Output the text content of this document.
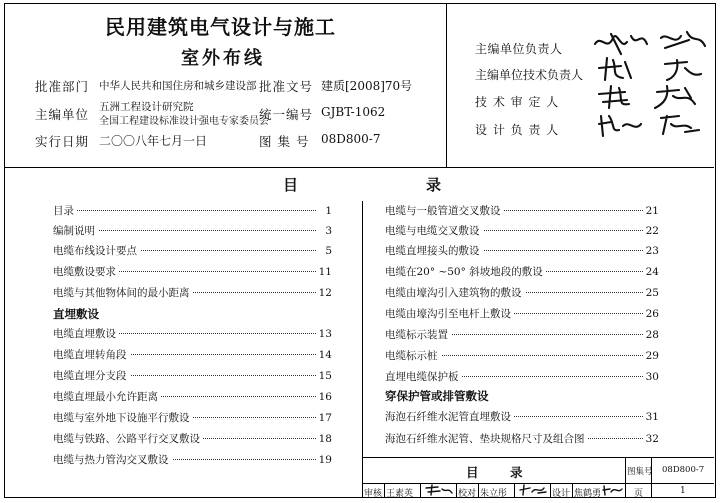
民用建筑电气设计与施工
室外布线
批准部门 中华人民共和国住房和城乡建设部 批准文号 建质[2008]70号
主编单位 五洲工程设计研究院
全国工程建设标准设计强电专家委员会
统一编号 GJBT-1062
实行日期 二〇〇八年七月一日	图 集 号 08D800-7
主编单位负责人
主编单位技术负责人
技 术 审 定 人
设 计 负 责 人
目	录
目录	1
编制说明	3
电缆布线设计要点	5
电缆敷设要求	11
电缆与其他物体间的最小距离	12
直埋敷设
电缆直埋敷设	13
电缆直埋转角段	14
电缆直埋分支段	15
电缆直埋最小允许距离	16
电缆与室外地下设施平行敷设	17
电缆与铁路、公路平行交叉敷设	18
电缆与热力管沟交叉敷设	19
电缆与一般管道交叉敷设	21
电缆与电缆交叉敷设	22
电缆直埋接头的敷设	23
电缆在20° ~50° 斜坡地段的敷设	24
电缆由壕沟引入建筑物的敷设	25
电缆由壕沟引至电杆上敷设	26
电缆标示装置	28
电缆标示桩	29
直埋电缆保护板	30
穿保护管或排管敷设
海泡石纤维水泥管直埋敷设	31
海泡石纤维水泥管、垫块规格尺寸及组合图	32
目	录	图集号 08D800-7
审核 王素英	校对 朱立彤	设计 焦鹤勇	页	1
